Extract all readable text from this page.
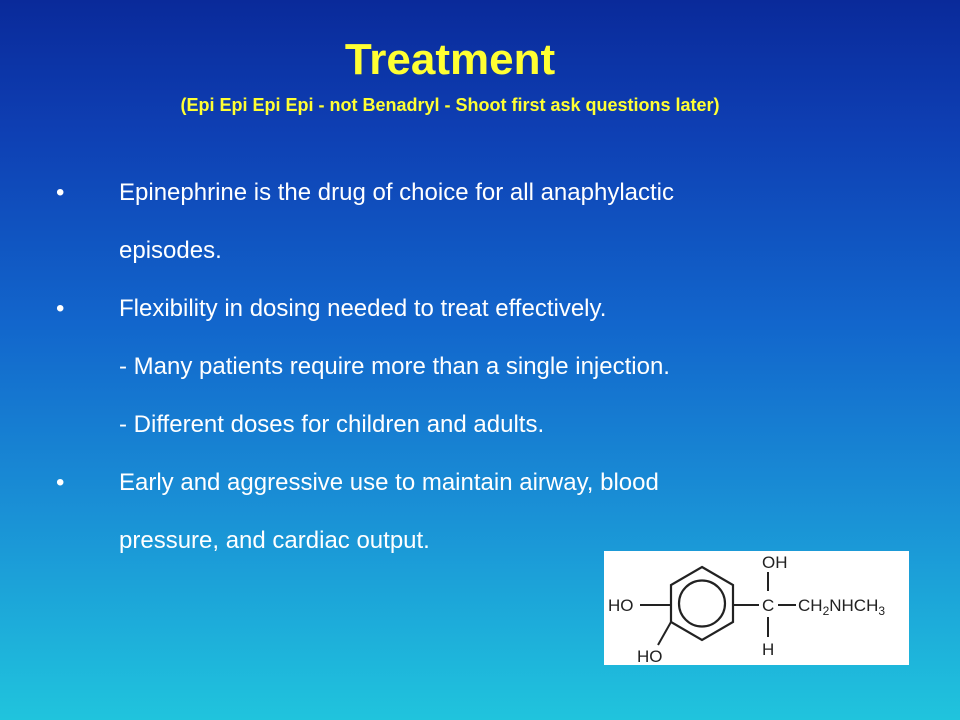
Treatment
(Epi Epi Epi Epi - not Benadryl - Shoot first ask questions later)
•	Epinephrine is the drug of choice for all anaphylactic
episodes.
•	Flexibility in dosing needed to treat effectively.
- Many patients require more than a single injection.
- Different doses for children and adults.
•	Early and aggressive use to maintain airway, blood
pressure, and cardiac output.
HO
HO
C
OH
H
$CH_2NHCH_3$
